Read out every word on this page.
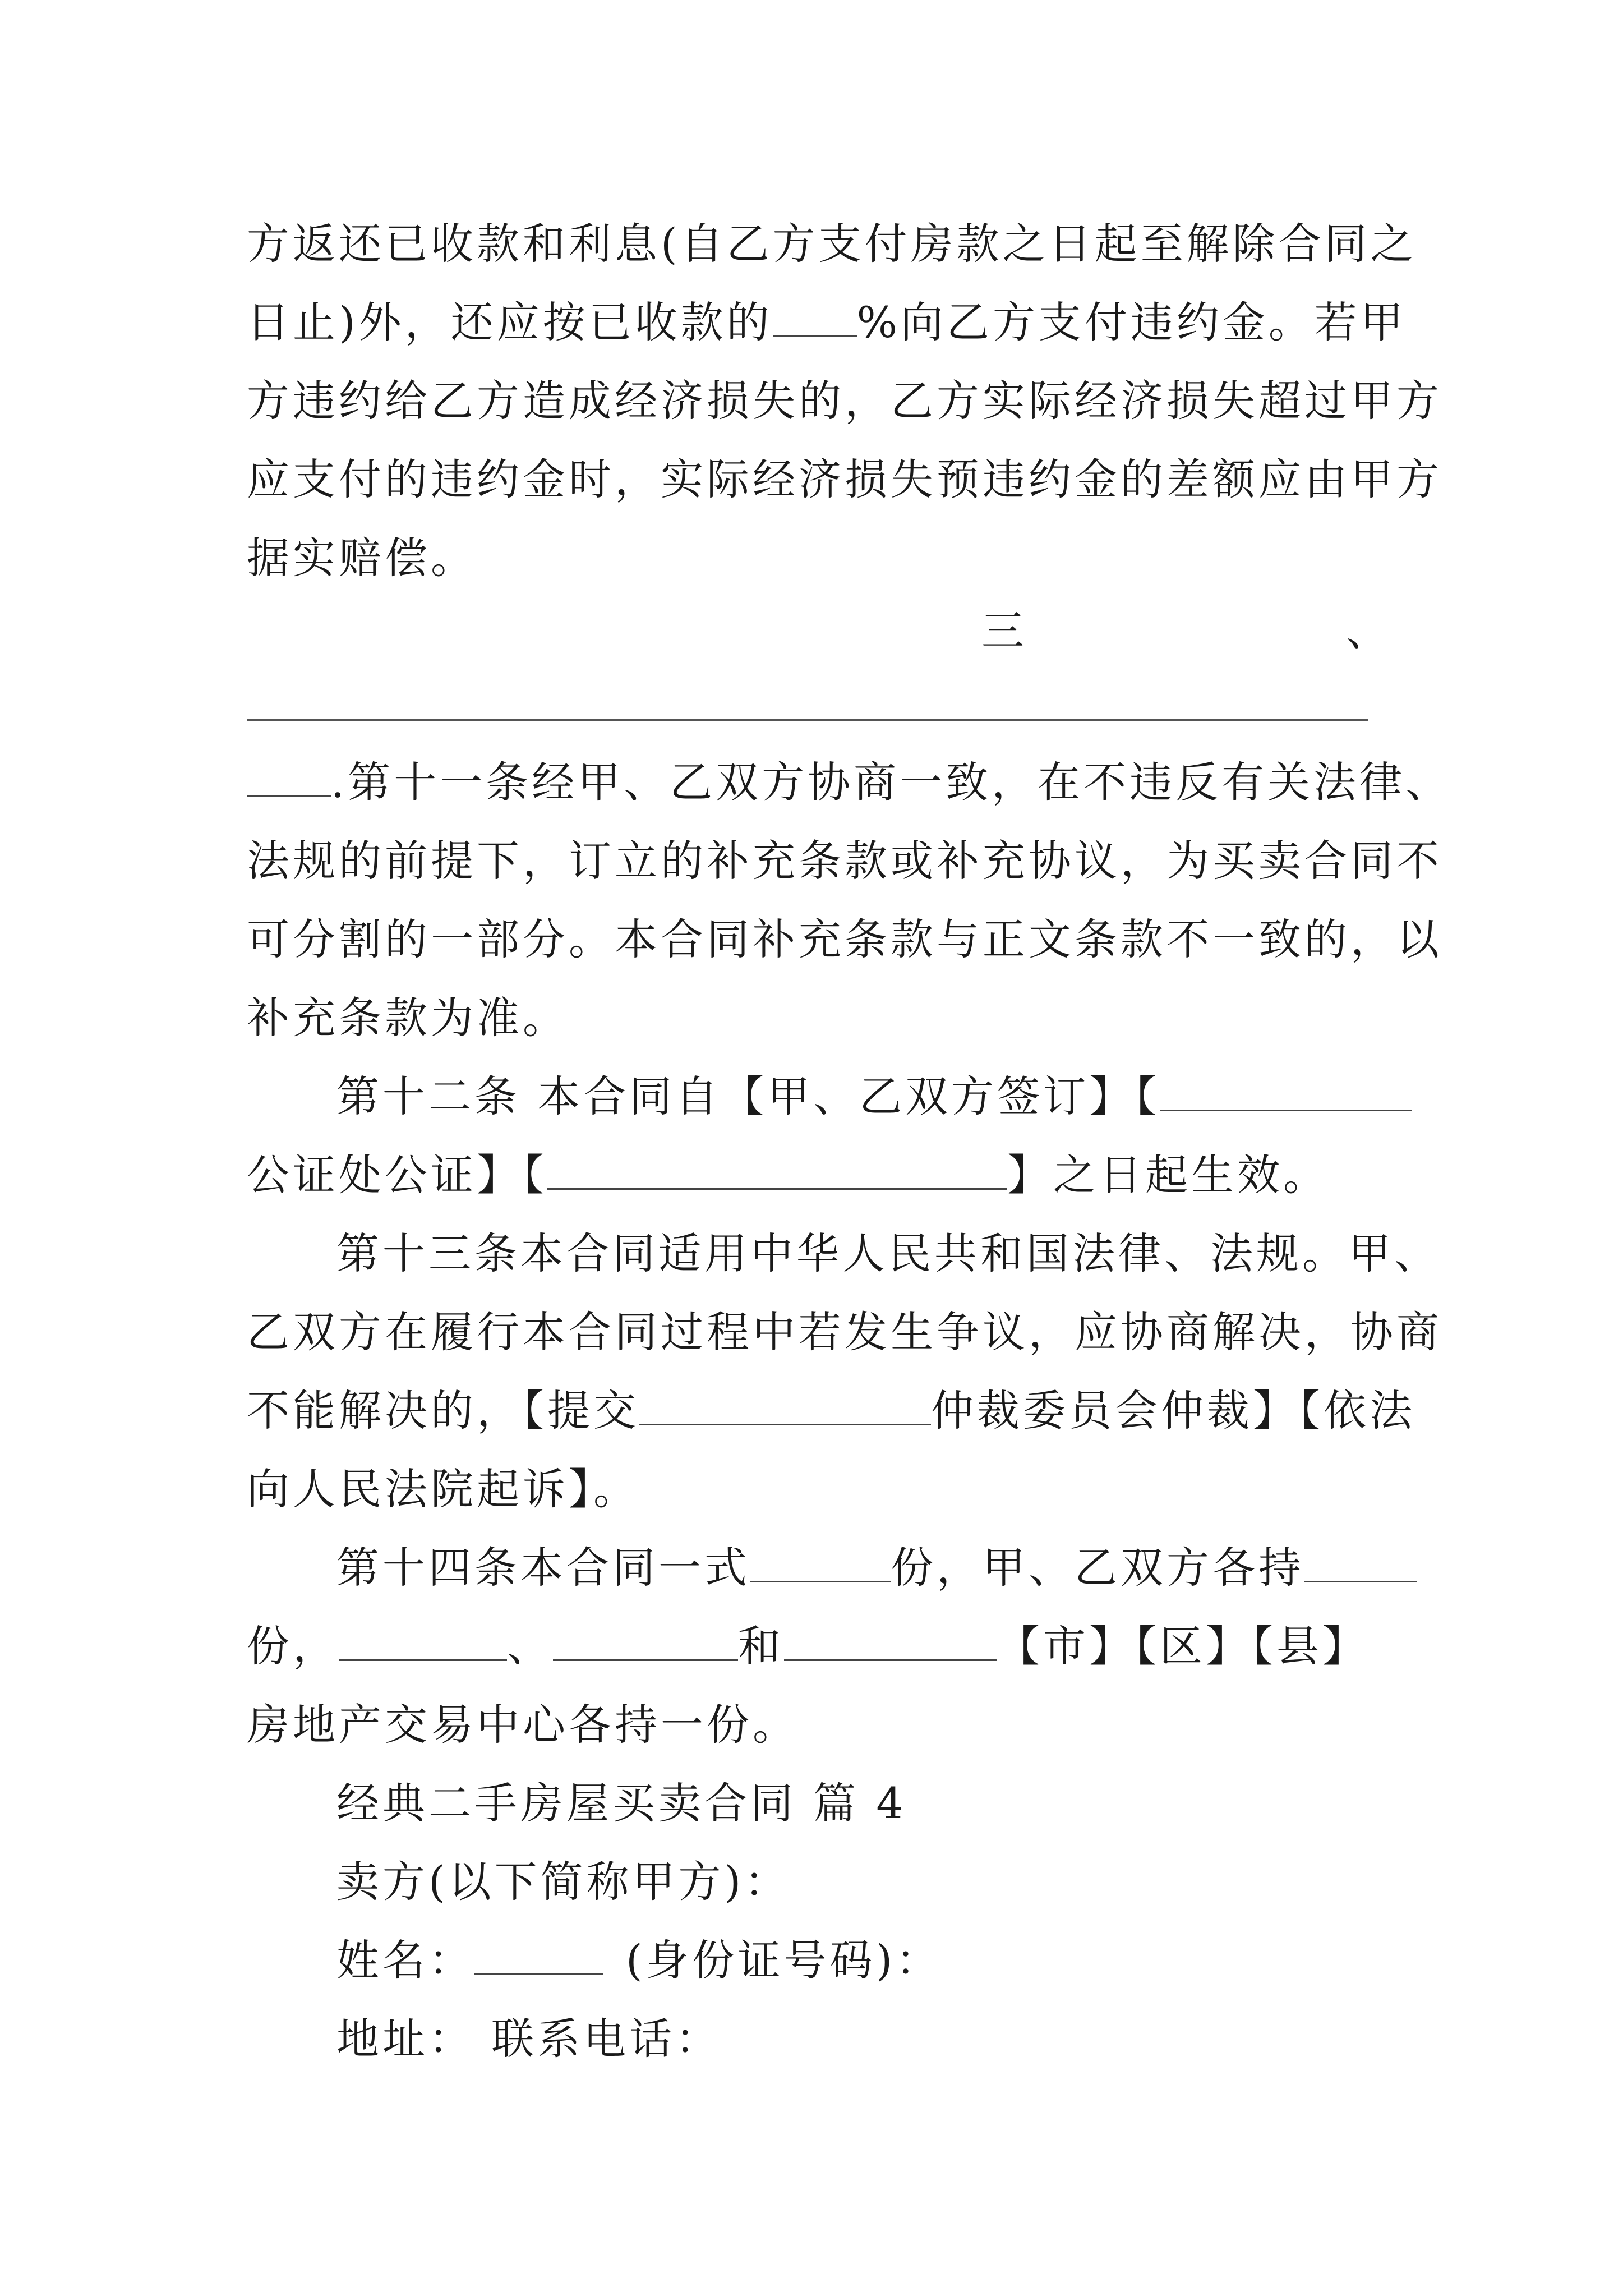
方返还已收款和利息(自乙方支付房款之日起至解除合同之
日止)外，还应按已收款的 %向乙方支付违约金。若甲
方违约给乙方造成经济损失的，乙方实际经济损失超过甲方
应支付的违约金时，实际经济损失预违约金的差额应由甲方
据实赔偿。
三	、
.第十一条经甲、乙双方协商一致，在不违反有关法律、
法规的前提下，订立的补充条款或补充协议，为买卖合同不
可分割的一部分。本合同补充条款与正文条款不一致的，以
补充条款为准。
第十二条 本合同自【甲、乙双方签订】【
公证处公证】【	】之日起生效。
第十三条本合同适用中华人民共和国法律、法规。甲、
乙双方在履行本合同过程中若发生争议，应协商解决，协商
不能解决的，【提交	仲裁委员会仲裁】【依法
向人民法院起诉】。
第十四条本合同一式	份，甲、乙双方各持
份，	、	和	【市】【区】【县】
房地产交易中心各持一份。
经典二手房屋买卖合同 篇 4
卖方(以下简称甲方)：
姓名：	(身份证号码)：
地址： 联系电话：
